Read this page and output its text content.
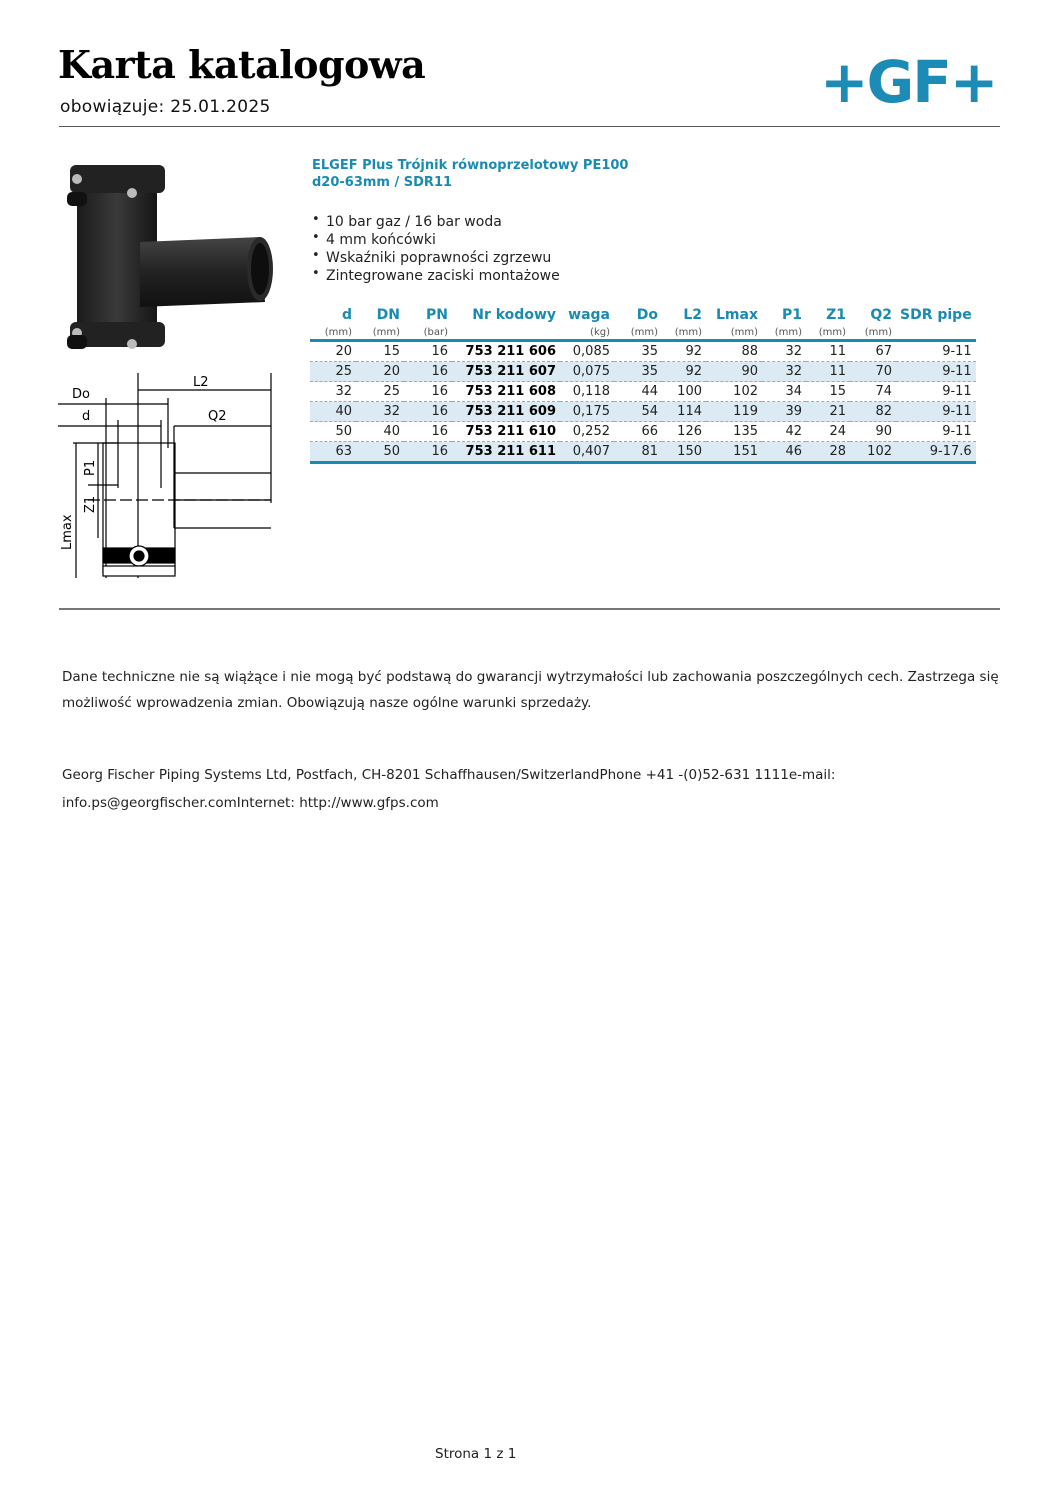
Karta katalogowa
obowiązuje: 25.01.2025	+GF+
Do
d
L2
Q2
P1
Z1
Lmax
ELGEF Plus Trójnik równoprzelotowy PE100
d20-63mm / SDR11
• 10 bar gaz / 16 bar woda
• 4 mm końcówki
• Wskaźniki poprawności zgrzewu
• Zintegrowane zaciski montażowe
d	DN	PN	Nr kodowy	waga	Do	L2	Lmax	P1	Z1	Q2	SDR pipe
(mm)	(mm)	(bar)		(kg)	(mm)	(mm)	(mm)	(mm)	(mm)	(mm)	
20	15	16	753 211 606	0,085	35	92	88	32	11	67	9-11
25	20	16	753 211 607	0,075	35	92	90	32	11	70	9-11
32	25	16	753 211 608	0,118	44	100	102	34	15	74	9-11
40	32	16	753 211 609	0,175	54	114	119	39	21	82	9-11
50	40	16	753 211 610	0,252	66	126	135	42	24	90	9-11
63	50	16	753 211 611	0,407	81	150	151	46	28	102	9-17.6
Dane techniczne nie są wiążące i nie mogą być podstawą do gwarancji wytrzymałości lub zachowania poszczególnych cech. Zastrzega się możliwość wprowadzenia zmian. Obowiązują nasze ogólne warunki sprzedaży.
Georg Fischer Piping Systems Ltd, Postfach, CH-8201 Schaffhausen/SwitzerlandPhone +41 -(0)52-631 1111e-mail: info.ps@georgfischer.comInternet: http://www.gfps.com
Strona 1 z 1
